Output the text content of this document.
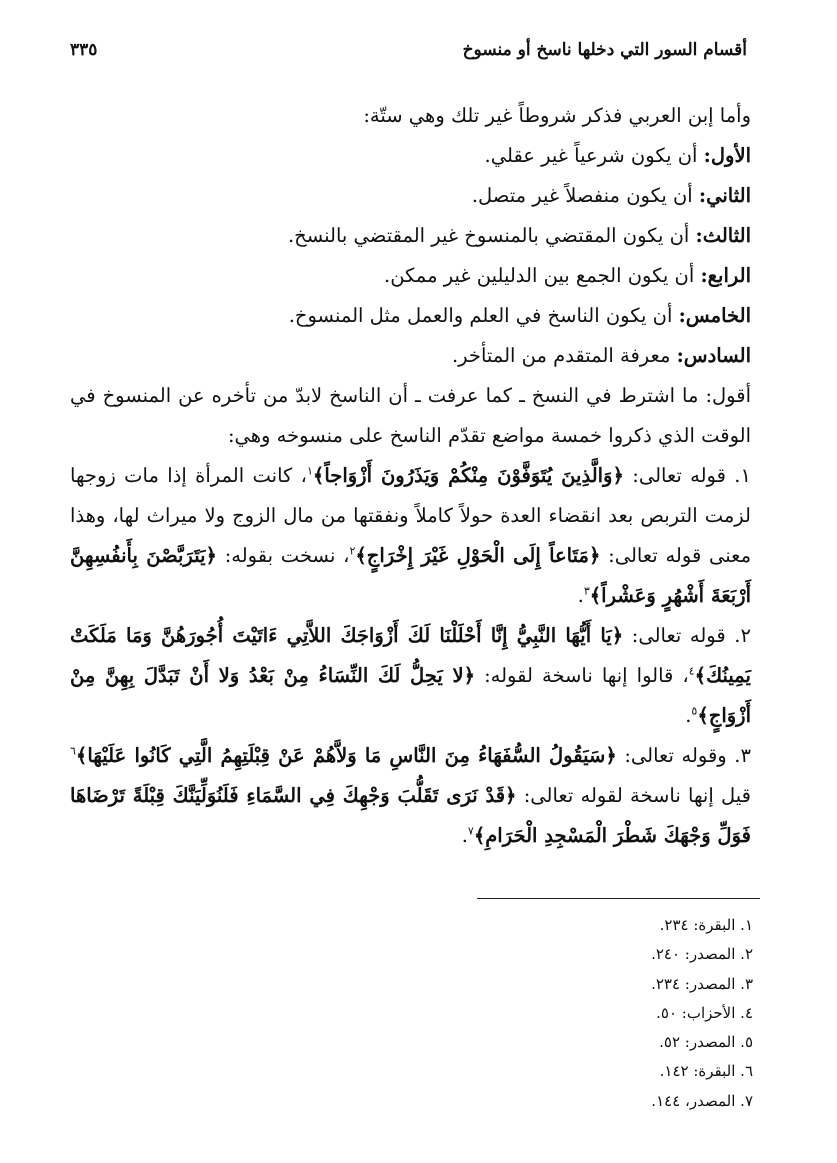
أقسام السور التي دخلها ناسخ أو منسوخ
٣٣٥

وأما إبن العربي فذكر شروطاً غير تلك وهي ستّة:

الأول: أن يكون شرعياً غير عقلي.

الثاني: أن يكون منفصلاً غير متصل.

الثالث: أن يكون المقتضي بالمنسوخ غير المقتضي بالنسخ.

الرابع: أن يكون الجمع بين الدليلين غير ممكن.

الخامس: أن يكون الناسخ في العلم والعمل مثل المنسوخ.

السادس: معرفة المتقدم من المتأخر.

أقول: ما اشترط في النسخ ـ كما عرفت ـ أن الناسخ لابدّ من تأخره عن المنسوخ في الوقت الذي ذكروا خمسة مواضع تقدّم الناسخ على منسوخه وهي:

١. قوله تعالى: ﴿وَالَّذِينَ يُتَوَفَّوْنَ مِنْكُمْ وَيَذَرُونَ أَزْوَاجاً﴾$^١$، كانت المرأة إذا مات زوجها لزمت التربص بعد انقضاء العدة حولاً كاملاً ونفقتها من مال الزوج ولا ميراث لها، وهذا معنى قوله تعالى: ﴿مَتَاعاً إِلَى الْحَوْلِ غَيْرَ إِخْرَاجٍ﴾$^٢$، نسخت بقوله: ﴿يَتَرَبَّصْنَ بِأَنفُسِهِنَّ أَرْبَعَةَ أَشْهُرٍ وَعَشْراً﴾$^٣$.

٢. قوله تعالى: ﴿يَا أَيُّهَا النَّبِيُّ إِنَّا أَحْلَلْنَا لَكَ أَزْوَاجَكَ اللاَّتِي ءَاتَيْتَ أُجُورَهُنَّ وَمَا مَلَكَتْ يَمِينُكَ﴾$^٤$، قالوا إنها ناسخة لقوله: ﴿لا يَحِلُّ لَكَ النِّسَاءُ مِنْ بَعْدُ وَلا أَنْ تَبَدَّلَ بِهِنَّ مِنْ أَزْوَاجٍ﴾$^٥$.

٣. وقوله تعالى: ﴿سَيَقُولُ السُّفَهَاءُ مِنَ النَّاسِ مَا وَلاَّهُمْ عَنْ قِبْلَتِهِمُ الَّتِي كَانُوا عَلَيْهَا﴾$^٦$ قيل إنها ناسخة لقوله تعالى: ﴿قَدْ نَرَى تَقَلُّبَ وَجْهِكَ فِي السَّمَاءِ فَلَنُوَلِّيَنَّكَ قِبْلَةً تَرْضَاهَا فَوَلِّ وَجْهَكَ شَطْرَ الْمَسْجِدِ الْحَرَامِ﴾$^٧$.

١. البقرة: ٢٣٤.
٢. المصدر: ٢٤٠.
٣. المصدر: ٢٣٤.
٤. الأحزاب: ٥٠.
٥. المصدر: ٥٢.
٦. البقرة: ١٤٢.
٧. المصدر، ١٤٤.
